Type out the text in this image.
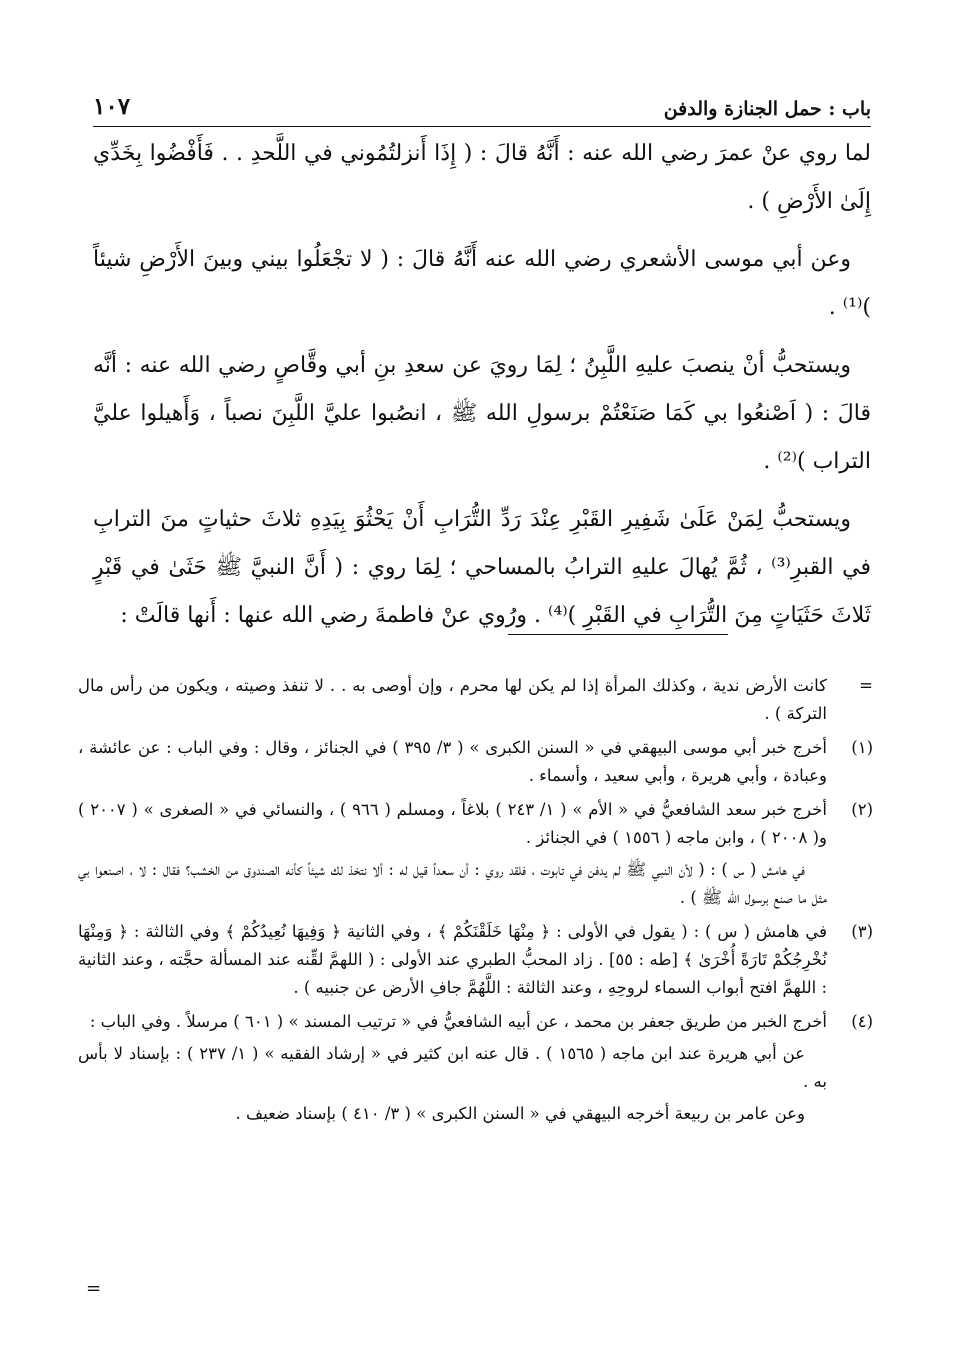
باب : حمل الجنازة والدفن
١٠٧

لما روي عنْ عمرَ رضي الله عنه : أَنَّهُ قالَ : ( إِذَا أَنزلتُمُوني في اللَّحدِ . . فَأَفْضُوا بِخَدِّي إِلَىٰ الأَرْضِ ) .

وعن أبي موسى الأشعري رضي الله عنه أَنَّهُ قالَ : ( لا تجْعَلُوا بيني وبينَ الأَرْضِ شيئاً )⁽¹⁾ .

ويستحبُّ أنْ ينصبَ عليهِ اللَّبِنُ ؛ لِمَا رويَ عن سعدِ بنِ أبي وقَّاصٍ رضي الله عنه : أنَّه قالَ : ( اَصْنعُوا بي كَمَا صَنَعْتُمْ برسولِ الله ﷺ ، انصُبوا عليَّ اللَّبِنَ نصباً ، وَأَهيلوا عليَّ التراب )⁽²⁾ .

ويستحبُّ لِمَنْ عَلَىٰ شَفِيرِ القَبْرِ عِنْدَ رَدِّ التُّرَابِ أَنْ يَحْثُوَ بِيَدِهِ ثلاثَ حثياتٍ منَ الترابِ في القبرِ⁽³⁾ ، ثُمَّ يُهالَ عليهِ الترابُ بالمساحي ؛ لِمَا روي : ( أَنَّ النبيَّ ﷺ حَثَىٰ في قَبْرٍ ثَلاثَ حَثَيَاتٍ مِنَ التُّرَابِ في القَبْرِ )⁽⁴⁾ . ورُوي عنْ فاطمةَ رضي الله عنها : أَنها قالَتْ :

=

كانت الأرض ندية ، وكذلك المرأة إذا لم يكن لها محرم ، وإن أوصى به . . لا تنفذ وصيته ، ويكون من رأس مال التركة ) .

(١)

أخرج خبر أبي موسى البيهقي في « السنن الكبرى » ( ٣/ ٣٩٥ ) في الجنائز ، وقال : وفي الباب : عن عائشة ، وعبادة ، وأبي هريرة ، وأبي سعيد ، وأسماء .

(٢)

أخرج خبر سعد الشافعيُّ في « الأم » ( ١/ ٢٤٣ ) بلاغاً ، ومسلم ( ٩٦٦ ) ، والنسائي في « الصغرى » ( ٢٠٠٧ ) و( ٢٠٠٨ ) ، وابن ماجه ( ١٥٥٦ ) في الجنائز .

في هامش ( س ) : ( لأن النبي ﷺ لم يدفن في تابوت ، فلقد روي : أن سعداً قيل له : ألا نتخذ لك شيئاً كأنه الصندوق من الخشب؟ فقال : لا ، اصنعوا بي مثل ما صنع برسول الله ﷺ ) .

(٣)

في هامش ( س ) : ( يقول في الأولى : ﴿ مِنْهَا خَلَقْنَكُمْ ﴾ ، وفي الثانية ﴿ وَفِيهَا نُعِيدُكُمْ ﴾ وفي الثالثة : ﴿ وَمِنْهَا نُخْرِجُكُمْ تَارَةً أُخْرَىٰ ﴾ [طه : ٥٥] . زاد المحبُّ الطبري عند الأولى : ( اللهمَّ لقِّنه عند المسألة حجَّته ، وعند الثانية : اللهمَّ افتح أبواب السماء لروحِهِ ، وعند الثالثة : اللَّهُمَّ جافِ الأرض عن جنبيه ) .

(٤)

أخرج الخبر من طريق جعفر بن محمد ، عن أبيه الشافعيُّ في « ترتيب المسند » ( ٦٠١ ) مرسلاً . وفي الباب :

عن أبي هريرة عند ابن ماجه ( ١٥٦٥ ) . قال عنه ابن كثير في « إرشاد الفقيه » ( ١/ ٢٣٧ ) : بإسناد لا بأس به .

وعن عامر بن ربيعة أخرجه البيهقي في « السنن الكبرى » ( ٣/ ٤١٠ ) بإسناد ضعيف .

=
